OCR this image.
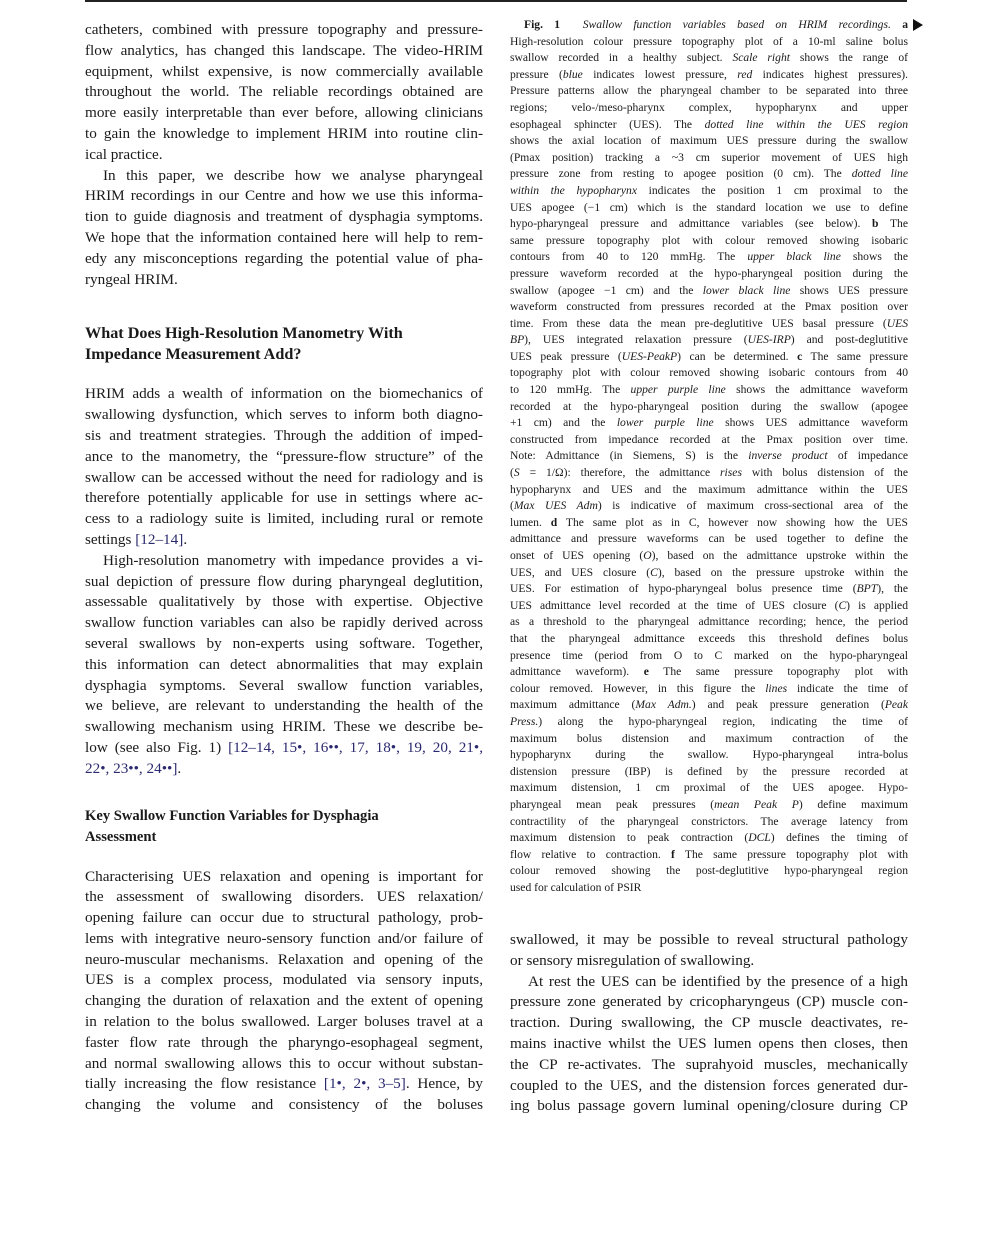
catheters, combined with pressure topography and pressure-
flow analytics, has changed this landscape. The video-HRIM
equipment, whilst expensive, is now commercially available
throughout the world. The reliable recordings obtained are
more easily interpretable than ever before, allowing clinicians
to gain the knowledge to implement HRIM into routine clin-
ical practice.
In this paper, we describe how we analyse pharyngeal
HRIM recordings in our Centre and how we use this informa-
tion to guide diagnosis and treatment of dysphagia symptoms.
We hope that the information contained here will help to rem-
edy any misconceptions regarding the potential value of pha-
ryngeal HRIM.
What Does High-Resolution Manometry With
Impedance Measurement Add?
HRIM adds a wealth of information on the biomechanics of
swallowing dysfunction, which serves to inform both diagno-
sis and treatment strategies. Through the addition of imped-
ance to the manometry, the “pressure-flow structure” of the
swallow can be accessed without the need for radiology and is
therefore potentially applicable for use in settings where ac-
cess to a radiology suite is limited, including rural or remote
settings [12–14].
High-resolution manometry with impedance provides a vi-
sual depiction of pressure flow during pharyngeal deglutition,
assessable qualitatively by those with expertise. Objective
swallow function variables can also be rapidly derived across
several swallows by non-experts using software. Together,
this information can detect abnormalities that may explain
dysphagia symptoms. Several swallow function variables,
we believe, are relevant to understanding the health of the
swallowing mechanism using HRIM. These we describe be-
low (see also Fig. 1) [12–14, 15•, 16••, 17, 18•, 19, 20, 21•,
22•, 23••, 24••].
Key Swallow Function Variables for Dysphagia
Assessment
Characterising UES relaxation and opening is important for
the assessment of swallowing disorders. UES relaxation/
opening failure can occur due to structural pathology, prob-
lems with integrative neuro-sensory function and/or failure of
neuro-muscular mechanisms. Relaxation and opening of the
UES is a complex process, modulated via sensory inputs,
changing the duration of relaxation and the extent of opening
in relation to the bolus swallowed. Larger boluses travel at a
faster flow rate through the pharyngo-esophageal segment,
and normal swallowing allows this to occur without substan-
tially increasing the flow resistance [1•, 2•, 3–5]. Hence, by
changing the volume and consistency of the boluses
Fig. 1 Swallow function variables based on HRIM recordings. a
High-resolution colour pressure topography plot of a 10-ml saline bolus
swallow recorded in a healthy subject. Scale right shows the range of
pressure (blue indicates lowest pressure, red indicates highest pressures).
Pressure patterns allow the pharyngeal chamber to be separated into three
regions; velo-/meso-pharynx complex, hypopharynx and upper
esophageal sphincter (UES). The dotted line within the UES region
shows the axial location of maximum UES pressure during the swallow
(Pmax position) tracking a ~3 cm superior movement of UES high
pressure zone from resting to apogee position (0 cm). The dotted line
within the hypopharynx indicates the position 1 cm proximal to the
UES apogee (−1 cm) which is the standard location we use to define
hypo-pharyngeal pressure and admittance variables (see below). b The
same pressure topography plot with colour removed showing isobaric
contours from 40 to 120 mmHg. The upper black line shows the
pressure waveform recorded at the hypo-pharyngeal position during the
swallow (apogee −1 cm) and the lower black line shows UES pressure
waveform constructed from pressures recorded at the Pmax position over
time. From these data the mean pre-deglutitive UES basal pressure (UES
BP), UES integrated relaxation pressure (UES-IRP) and post-deglutitive
UES peak pressure (UES-PeakP) can be determined. c The same pressure
topography plot with colour removed showing isobaric contours from 40
to 120 mmHg. The upper purple line shows the admittance waveform
recorded at the hypo-pharyngeal position during the swallow (apogee
+1 cm) and the lower purple line shows UES admittance waveform
constructed from impedance recorded at the Pmax position over time.
Note: Admittance (in Siemens, S) is the inverse product of impedance
(S = 1/Ω): therefore, the admittance rises with bolus distension of the
hypopharynx and UES and the maximum admittance within the UES
(Max UES Adm) is indicative of maximum cross-sectional area of the
lumen. d The same plot as in C, however now showing how the UES
admittance and pressure waveforms can be used together to define the
onset of UES opening (O), based on the admittance upstroke within the
UES, and UES closure (C), based on the pressure upstroke within the
UES. For estimation of hypo-pharyngeal bolus presence time (BPT), the
UES admittance level recorded at the time of UES closure (C) is applied
as a threshold to the pharyngeal admittance recording; hence, the period
that the pharyngeal admittance exceeds this threshold defines bolus
presence time (period from O to C marked on the hypo-pharyngeal
admittance waveform). e The same pressure topography plot with
colour removed. However, in this figure the lines indicate the time of
maximum admittance (Max Adm.) and peak pressure generation (Peak
Press.) along the hypo-pharyngeal region, indicating the time of
maximum bolus distension and maximum contraction of the
hypopharynx during the swallow. Hypo-pharyngeal intra-bolus
distension pressure (IBP) is defined by the pressure recorded at
maximum distension, 1 cm proximal of the UES apogee. Hypo-
pharyngeal mean peak pressures (mean Peak P) define maximum
contractility of the pharyngeal constrictors. The average latency from
maximum distension to peak contraction (DCL) defines the timing of
flow relative to contraction. f The same pressure topography plot with
colour removed showing the post-deglutitive hypo-pharyngeal region
used for calculation of PSIR
swallowed, it may be possible to reveal structural pathology
or sensory misregulation of swallowing.
At rest the UES can be identified by the presence of a high
pressure zone generated by cricopharyngeus (CP) muscle con-
traction. During swallowing, the CP muscle deactivates, re-
mains inactive whilst the UES lumen opens then closes, then
the CP re-activates. The suprahyoid muscles, mechanically
coupled to the UES, and the distension forces generated dur-
ing bolus passage govern luminal opening/closure during CP
